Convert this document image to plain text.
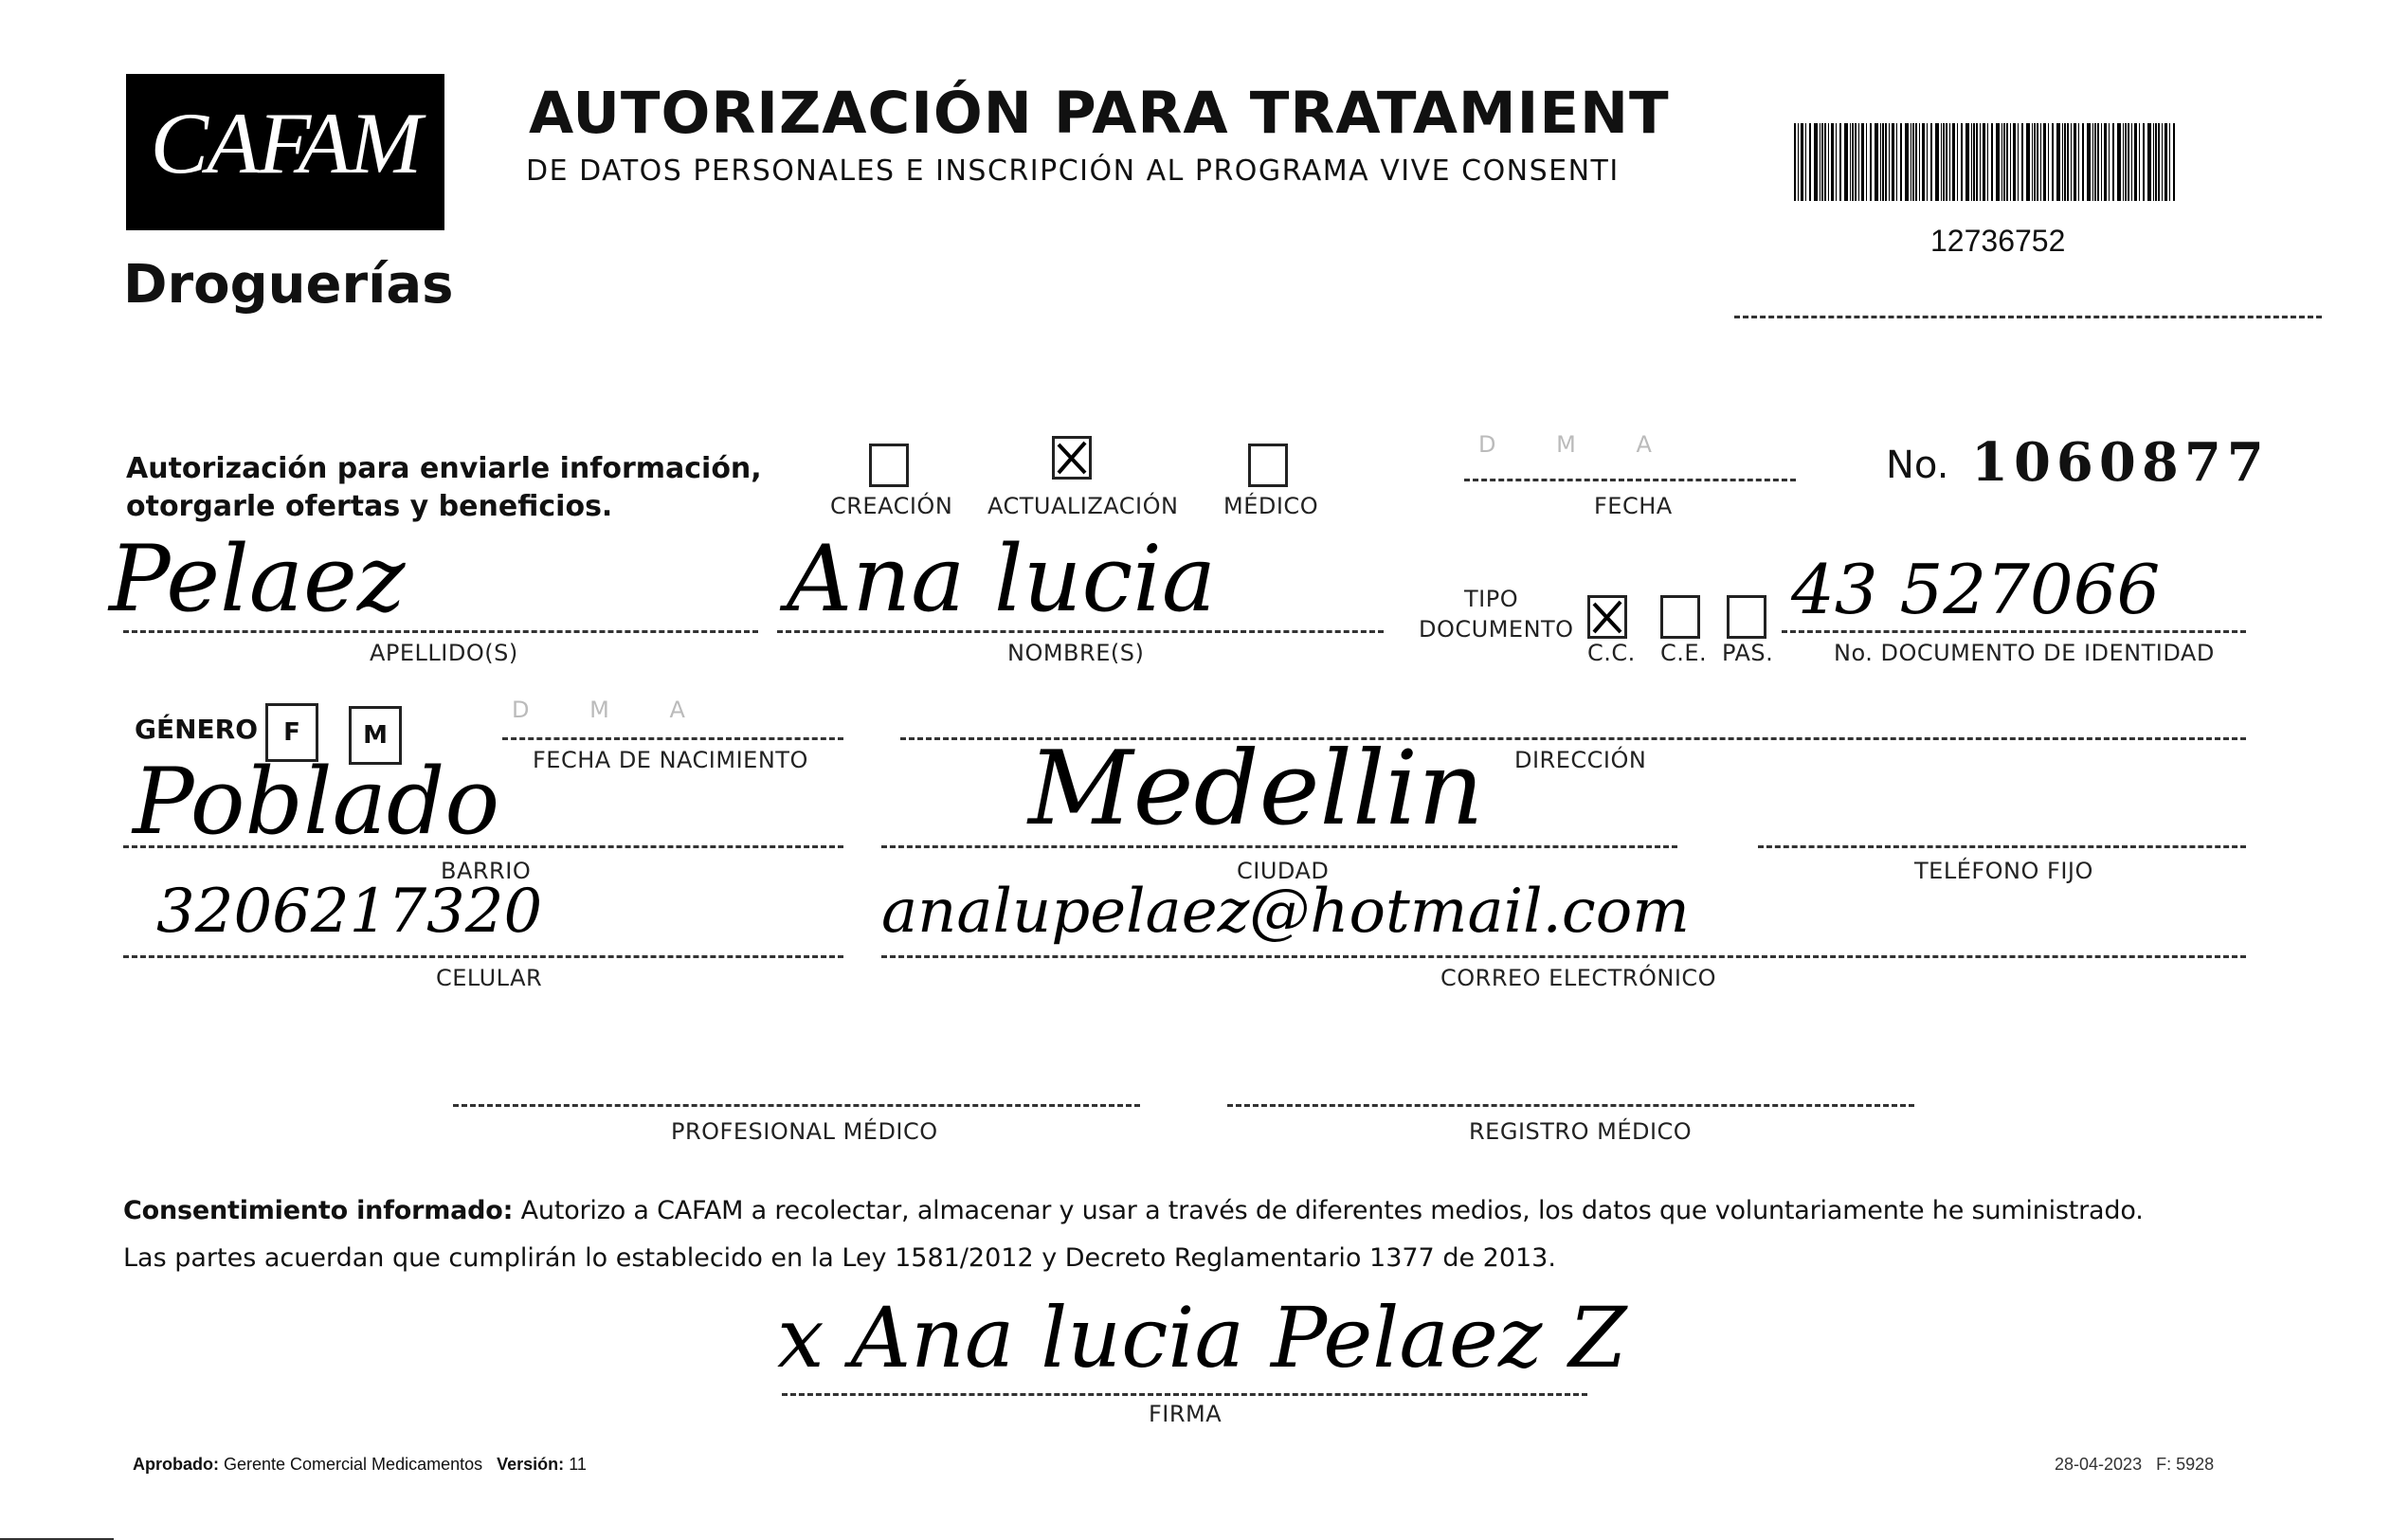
CAFAM
Droguerías
AUTORIZACIÓN PARA TRATAMIENT
DE DATOS PERSONALES E INSCRIPCIÓN AL PROGRAMA VIVE CONSENTI
12736752
Autorización para enviarle información,
otorgarle ofertas y beneficios.	CREACIÓN ACTUALIZACIÓN MÉDICO
D M A
FECHA
No. 1060877
Pelaez
APELLIDO(S)
Ana lucia
NOMBRE(S)
TIPO
DOCUMENTO
C.C. C.E. PAS.
43 527066
No. DOCUMENTO DE IDENTIDAD
GÉNERO	F	M
D M A
FECHA DE NACIMIENTO	DIRECCIÓN
Poblado
BARRIO
Medellin
CIUDAD	TELÉFONO FIJO
3206217320
CELULAR
analupelaez@hotmail.com
CORREO ELECTRÓNICO
PROFESIONAL MÉDICO	REGISTRO MÉDICO
Consentimiento informado: Autorizo a CAFAM a recolectar, almacenar y usar a través de diferentes medios, los datos que voluntariamente he suministrado.
Las partes acuerdan que cumplirán lo establecido en la Ley 1581/2012 y Decreto Reglamentario 1377 de 2013.
x Ana lucia Pelaez Z
FIRMA
Aprobado: Gerente Comercial Medicamentos Versión: 11	28-04-2023 F: 5928
